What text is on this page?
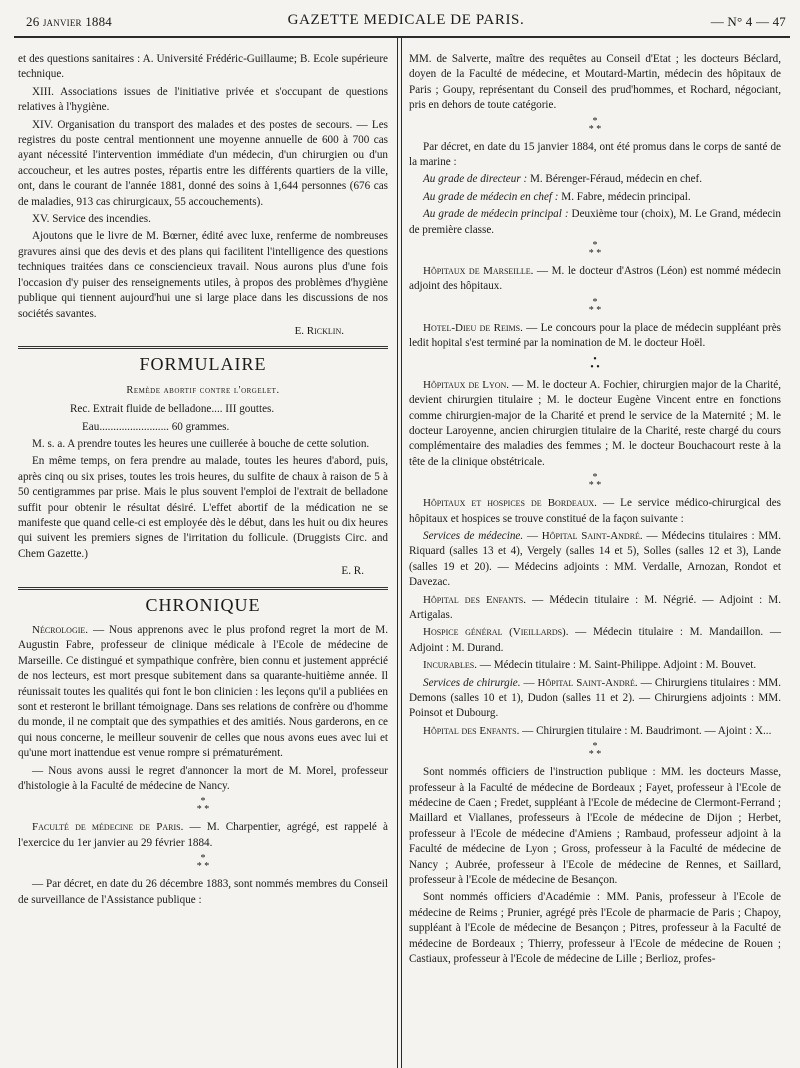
26 janvier 1884	GAZETTE MEDICALE DE PARIS.	— N° 4 — 47

et des questions sanitaires : A. Université Frédéric-Guillaume; B. Ecole supérieure technique.

XIII. Associations issues de l'initiative privée et s'occupant de questions relatives à l'hygiène.

XIV. Organisation du transport des malades et des postes de secours. — Les registres du poste central mentionnent une moyenne annuelle de 600 à 700 cas ayant nécessité l'intervention immédiate d'un médecin, d'un chirurgien ou d'un accoucheur, et les autres postes, répartis entre les différents quartiers de la ville, ont, dans le courant de l'année 1881, donné des soins à 1,644 personnes (676 cas de maladies, 913 cas chirurgicaux, 55 accouchements).

XV. Service des incendies.

Ajoutons que le livre de M. Bœrner, édité avec luxe, renferme de nombreuses gravures ainsi que des devis et des plans qui facilitent l'intelligence des questions techniques traitées dans ce consciencieux travail. Nous aurons plus d'une fois l'occasion d'y puiser des renseignements utiles, à propos des problèmes d'hygiène publique qui tiennent aujourd'hui une si large place dans les discussions de nos sociétés savantes.

E. Ricklin.

FORMULAIRE
Remède abortif contre l'orgelet.

Rec. Extrait fluide de belladone.... III gouttes.

Eau......................... 60 grammes.

M. s. a. A prendre toutes les heures une cuillerée à bouche de cette solution.

En même temps, on fera prendre au malade, toutes les heures d'abord, puis, après cinq ou six prises, toutes les trois heures, du sulfite de chaux à raison de 5 à 50 centigrammes par prise. Mais le plus souvent l'emploi de l'extrait de belladone suffit pour obtenir le résultat désiré. L'effet abortif de la médication ne se manifeste que quand celle-ci est employée dès le début, dans les huit ou dix heures qui suivent les premiers signes de l'irritation du follicule. (Druggists Circ. and Chem Gazette.)

E. R.

CHRONIQUE

Nécrologie. — Nous apprenons avec le plus profond regret la mort de M. Augustin Fabre, professeur de clinique médicale à l'Ecole de médecine de Marseille. Ce distingué et sympathique confrère, bien connu et justement apprécié de nos lecteurs, est mort presque subitement dans sa quarante-huitième année. Il réunissait toutes les qualités qui font le bon clinicien : les leçons qu'il a publiées en sont et resteront le brillant témoignage. Dans ses relations de confrère ou d'homme du monde, il ne comptait que des sympathies et des amitiés. Nous garderons, en ce qui nous concerne, le meilleur souvenir de celles que nous avons eues avec lui et qu'une mort inattendue est venue rompre si prématurément.

— Nous avons aussi le regret d'annoncer la mort de M. Morel, professeur d'histologie à la Faculté de médecine de Nancy.

*
* *

Faculté de médecine de Paris. — M. Charpentier, agrégé, est rappelé à l'exercice du 1er janvier au 29 février 1884.

*
* *

— Par décret, en date du 26 décembre 1883, sont nommés membres du Conseil de surveillance de l'Assistance publique :

MM. de Salverte, maître des requêtes au Conseil d'Etat ; les docteurs Béclard, doyen de la Faculté de médecine, et Moutard-Martin, médecin des hôpitaux de Paris ; Goupy, représentant du Conseil des prud'hommes, et Rochard, négociant, pris en dehors de toute catégorie.

*
* *

Par décret, en date du 15 janvier 1884, ont été promus dans le corps de santé de la marine :

Au grade de directeur : M. Bérenger-Féraud, médecin en chef.

Au grade de médecin en chef : M. Fabre, médecin principal.

Au grade de médecin principal : Deuxième tour (choix), M. Le Grand, médecin de première classe.

*
* *

Hôpitaux de Marseille. — M. le docteur d'Astros (Léon) est nommé médecin adjoint des hôpitaux.

*
* *

Hotel-Dieu de Reims. — Le concours pour la place de médecin suppléant près ledit hopital s'est terminé par la nomination de M. le docteur Hoël.

•
• •

Hôpitaux de Lyon. — M. le docteur A. Fochier, chirurgien major de la Charité, devient chirurgien titulaire ; M. le docteur Eugène Vincent entre en fonctions comme chirurgien-major de la Charité et prend le service de la Maternité ; M. le docteur Laroyenne, ancien chirurgien titulaire de la Charité, reste chargé du cours complémentaire des maladies des femmes ; M. le docteur Bouchacourt reste à la tête de la clinique obstétricale.

*
* *

Hôpitaux et hospices de Bordeaux. — Le service médico-chirurgical des hôpitaux et hospices se trouve constitué de la façon suivante :

Services de médecine. — Hôpital Saint-André. — Médecins titulaires : MM. Riquard (salles 13 et 4), Vergely (salles 14 et 5), Solles (salles 12 et 3), Lande (salles 19 et 20). — Médecins adjoints : MM. Verdalle, Arnozan, Rondot et Davezac.

Hôpital des Enfants. — Médecin titulaire : M. Négrié. — Adjoint : M. Artigalas.

Hospice général (Vieillards). — Médecin titulaire : M. Mandaillon. — Adjoint : M. Durand.

Incurables. — Médecin titulaire : M. Saint-Philippe. Adjoint : M. Bouvet.

Services de chirurgie. — Hôpital Saint-André. — Chirurgiens titulaires : MM. Demons (salles 10 et 1), Dudon (salles 11 et 2). — Chirurgiens adjoints : MM. Poinsot et Dubourg.

Hôpital des Enfants. — Chirurgien titulaire : M. Baudrimont. — Ajoint : X...

*
* *

Sont nommés officiers de l'instruction publique : MM. les docteurs Masse, professeur à la Faculté de médecine de Bordeaux ; Fayet, professeur à l'Ecole de médecine de Caen ; Fredet, suppléant à l'Ecole de médecine de Clermont-Ferrand ; Maillard et Viallanes, professeurs à l'Ecole de médecine de Dijon ; Herbet, professeur à l'Ecole de médecine d'Amiens ; Rambaud, professeur adjoint à la Faculté de médecine de Lyon ; Gross, professeur à la Faculté de médecine de Nancy ; Aubrée, professeur à l'Ecole de médecine de Rennes, et Saillard, professeur à l'Ecole de médecine de Besançon.

Sont nommés officiers d'Académie : MM. Panis, professeur à l'Ecole de médecine de Reims ; Prunier, agrégé près l'Ecole de pharmacie de Paris ; Chapoy, suppléant à l'Ecole de médecine de Besançon ; Pitres, professeur à la Faculté de médecine de Bordeaux ; Thierry, professeur à l'Ecole de médecine de Rouen ; Castiaux, professeur à l'Ecole de médecine de Lille ; Berlioz, profes-
